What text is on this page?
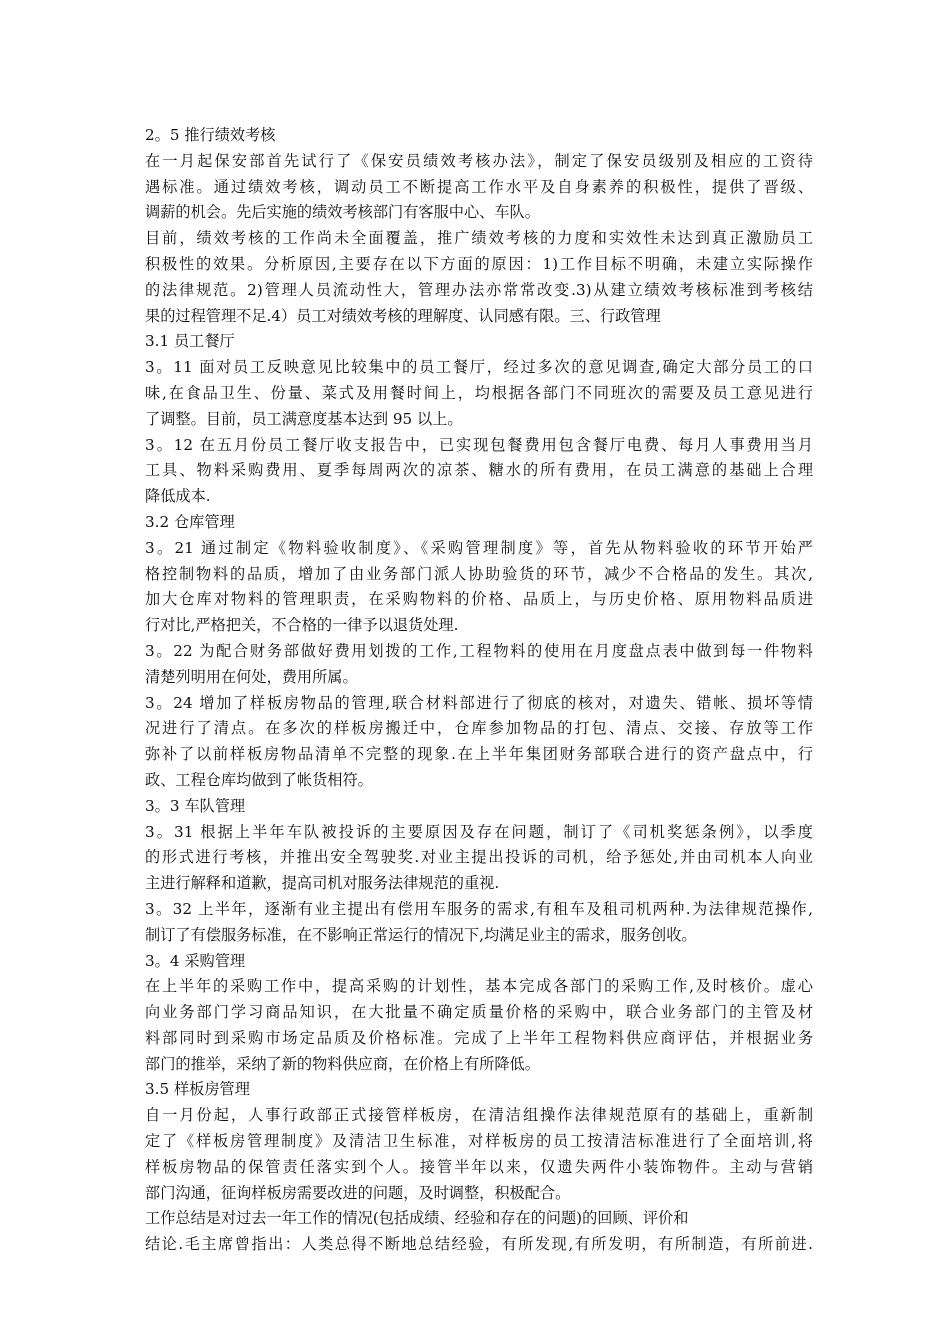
2。5 推行绩效考核
在一月起保安部首先试行了《保安员绩效考核办法》，制定了保安员级别及相应的工资待
遇标准。通过绩效考核，调动员工不断提高工作水平及自身素养的积极性，提供了晋级、
调薪的机会。先后实施的绩效考核部门有客服中心、车队。
目前，绩效考核的工作尚未全面覆盖，推广绩效考核的力度和实效性未达到真正激励员工
积极性的效果。分析原因,主要存在以下方面的原因：1)工作目标不明确，未建立实际操作
的法律规范。2)管理人员流动性大，管理办法亦常常改变.3)从建立绩效考核标准到考核结
果的过程管理不足.4）员工对绩效考核的理解度、认同感有限。三、行政管理
3.1 员工餐厅
3。11 面对员工反映意见比较集中的员工餐厅，经过多次的意见调查,确定大部分员工的口
味,在食品卫生、份量、菜式及用餐时间上，均根据各部门不同班次的需要及员工意见进行
了调整。目前，员工满意度基本达到 95 以上。
3。12 在五月份员工餐厅收支报告中，已实现包餐费用包含餐厅电费、每月人事费用当月
工具、物料采购费用、夏季每周两次的凉茶、糖水的所有费用，在员工满意的基础上合理
降低成本.
3.2 仓库管理
3。21 通过制定《物料验收制度》、《采购管理制度》等，首先从物料验收的环节开始严
格控制物料的品质，增加了由业务部门派人协助验货的环节，减少不合格品的发生。其次,
加大仓库对物料的管理职责，在采购物料的价格、品质上，与历史价格、原用物料品质进
行对比,严格把关，不合格的一律予以退货处理.
3。22 为配合财务部做好费用划拨的工作,工程物料的使用在月度盘点表中做到每一件物料
清楚列明用在何处，费用所属。
3。24 增加了样板房物品的管理,联合材料部进行了彻底的核对，对遗失、错帐、损坏等情
况进行了清点。在多次的样板房搬迁中，仓库参加物品的打包、清点、交接、存放等工作
弥补了以前样板房物品清单不完整的现象.在上半年集团财务部联合进行的资产盘点中，行
政、工程仓库均做到了帐货相符。
3。3 车队管理
3。31 根据上半年车队被投诉的主要原因及存在问题，制订了《司机奖惩条例》，以季度
的形式进行考核，并推出安全驾驶奖.对业主提出投诉的司机，给予惩处,并由司机本人向业
主进行解释和道歉，提高司机对服务法律规范的重视.
3。32 上半年，逐渐有业主提出有偿用车服务的需求,有租车及租司机两种.为法律规范操作,
制订了有偿服务标准，在不影响正常运行的情况下,均满足业主的需求，服务创收。
3。4 采购管理
在上半年的采购工作中，提高采购的计划性，基本完成各部门的采购工作,及时核价。虚心
向业务部门学习商品知识，在大批量不确定质量价格的采购中，联合业务部门的主管及材
料部同时到采购市场定品质及价格标准。完成了上半年工程物料供应商评估，并根据业务
部门的推举，采纳了新的物料供应商，在价格上有所降低。
3.5 样板房管理
自一月份起，人事行政部正式接管样板房，在清洁组操作法律规范原有的基础上，重新制
定了《样板房管理制度》及清洁卫生标准，对样板房的员工按清洁标准进行了全面培训,将
样板房物品的保管责任落实到个人。接管半年以来，仅遗失两件小装饰物件。主动与营销
部门沟通，征询样板房需要改进的问题，及时调整，积极配合。
工作总结是对过去一年工作的情况(包括成绩、经验和存在的问题)的回顾、评价和
结论.毛主席曾指出：人类总得不断地总结经验，有所发现,有所发明，有所制造，有所前进.
